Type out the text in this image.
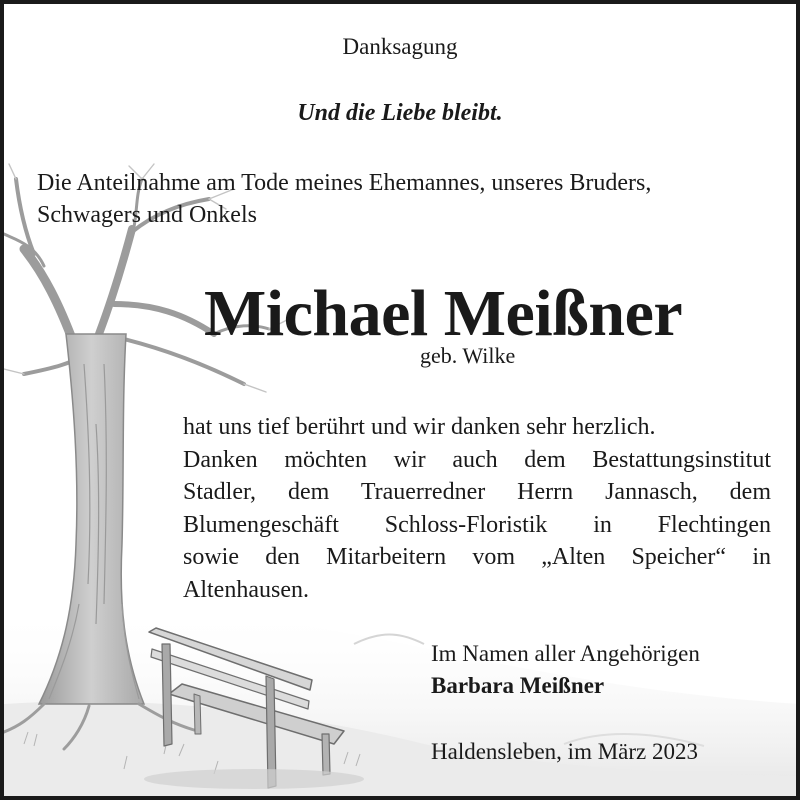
Danksagung

Und die Liebe bleibt.

Die Anteilnahme am Tode meines Ehemannes, unseres Bruders,
Schwagers und Onkels

Michael Meißner

geb. Wilke

hat uns tief berührt und wir danken sehr herzlich.
Danken möchten wir auch dem Bestattungsinstitut
Stadler, dem Trauerredner Herrn Jannasch, dem
Blumengeschäft Schloss-Floristik in Flechtingen
sowie den Mitarbeitern vom „Alten Speicher“ in
Altenhausen.

Im Namen aller Angehörigen

Barbara Meißner

Haldensleben, im März 2023
